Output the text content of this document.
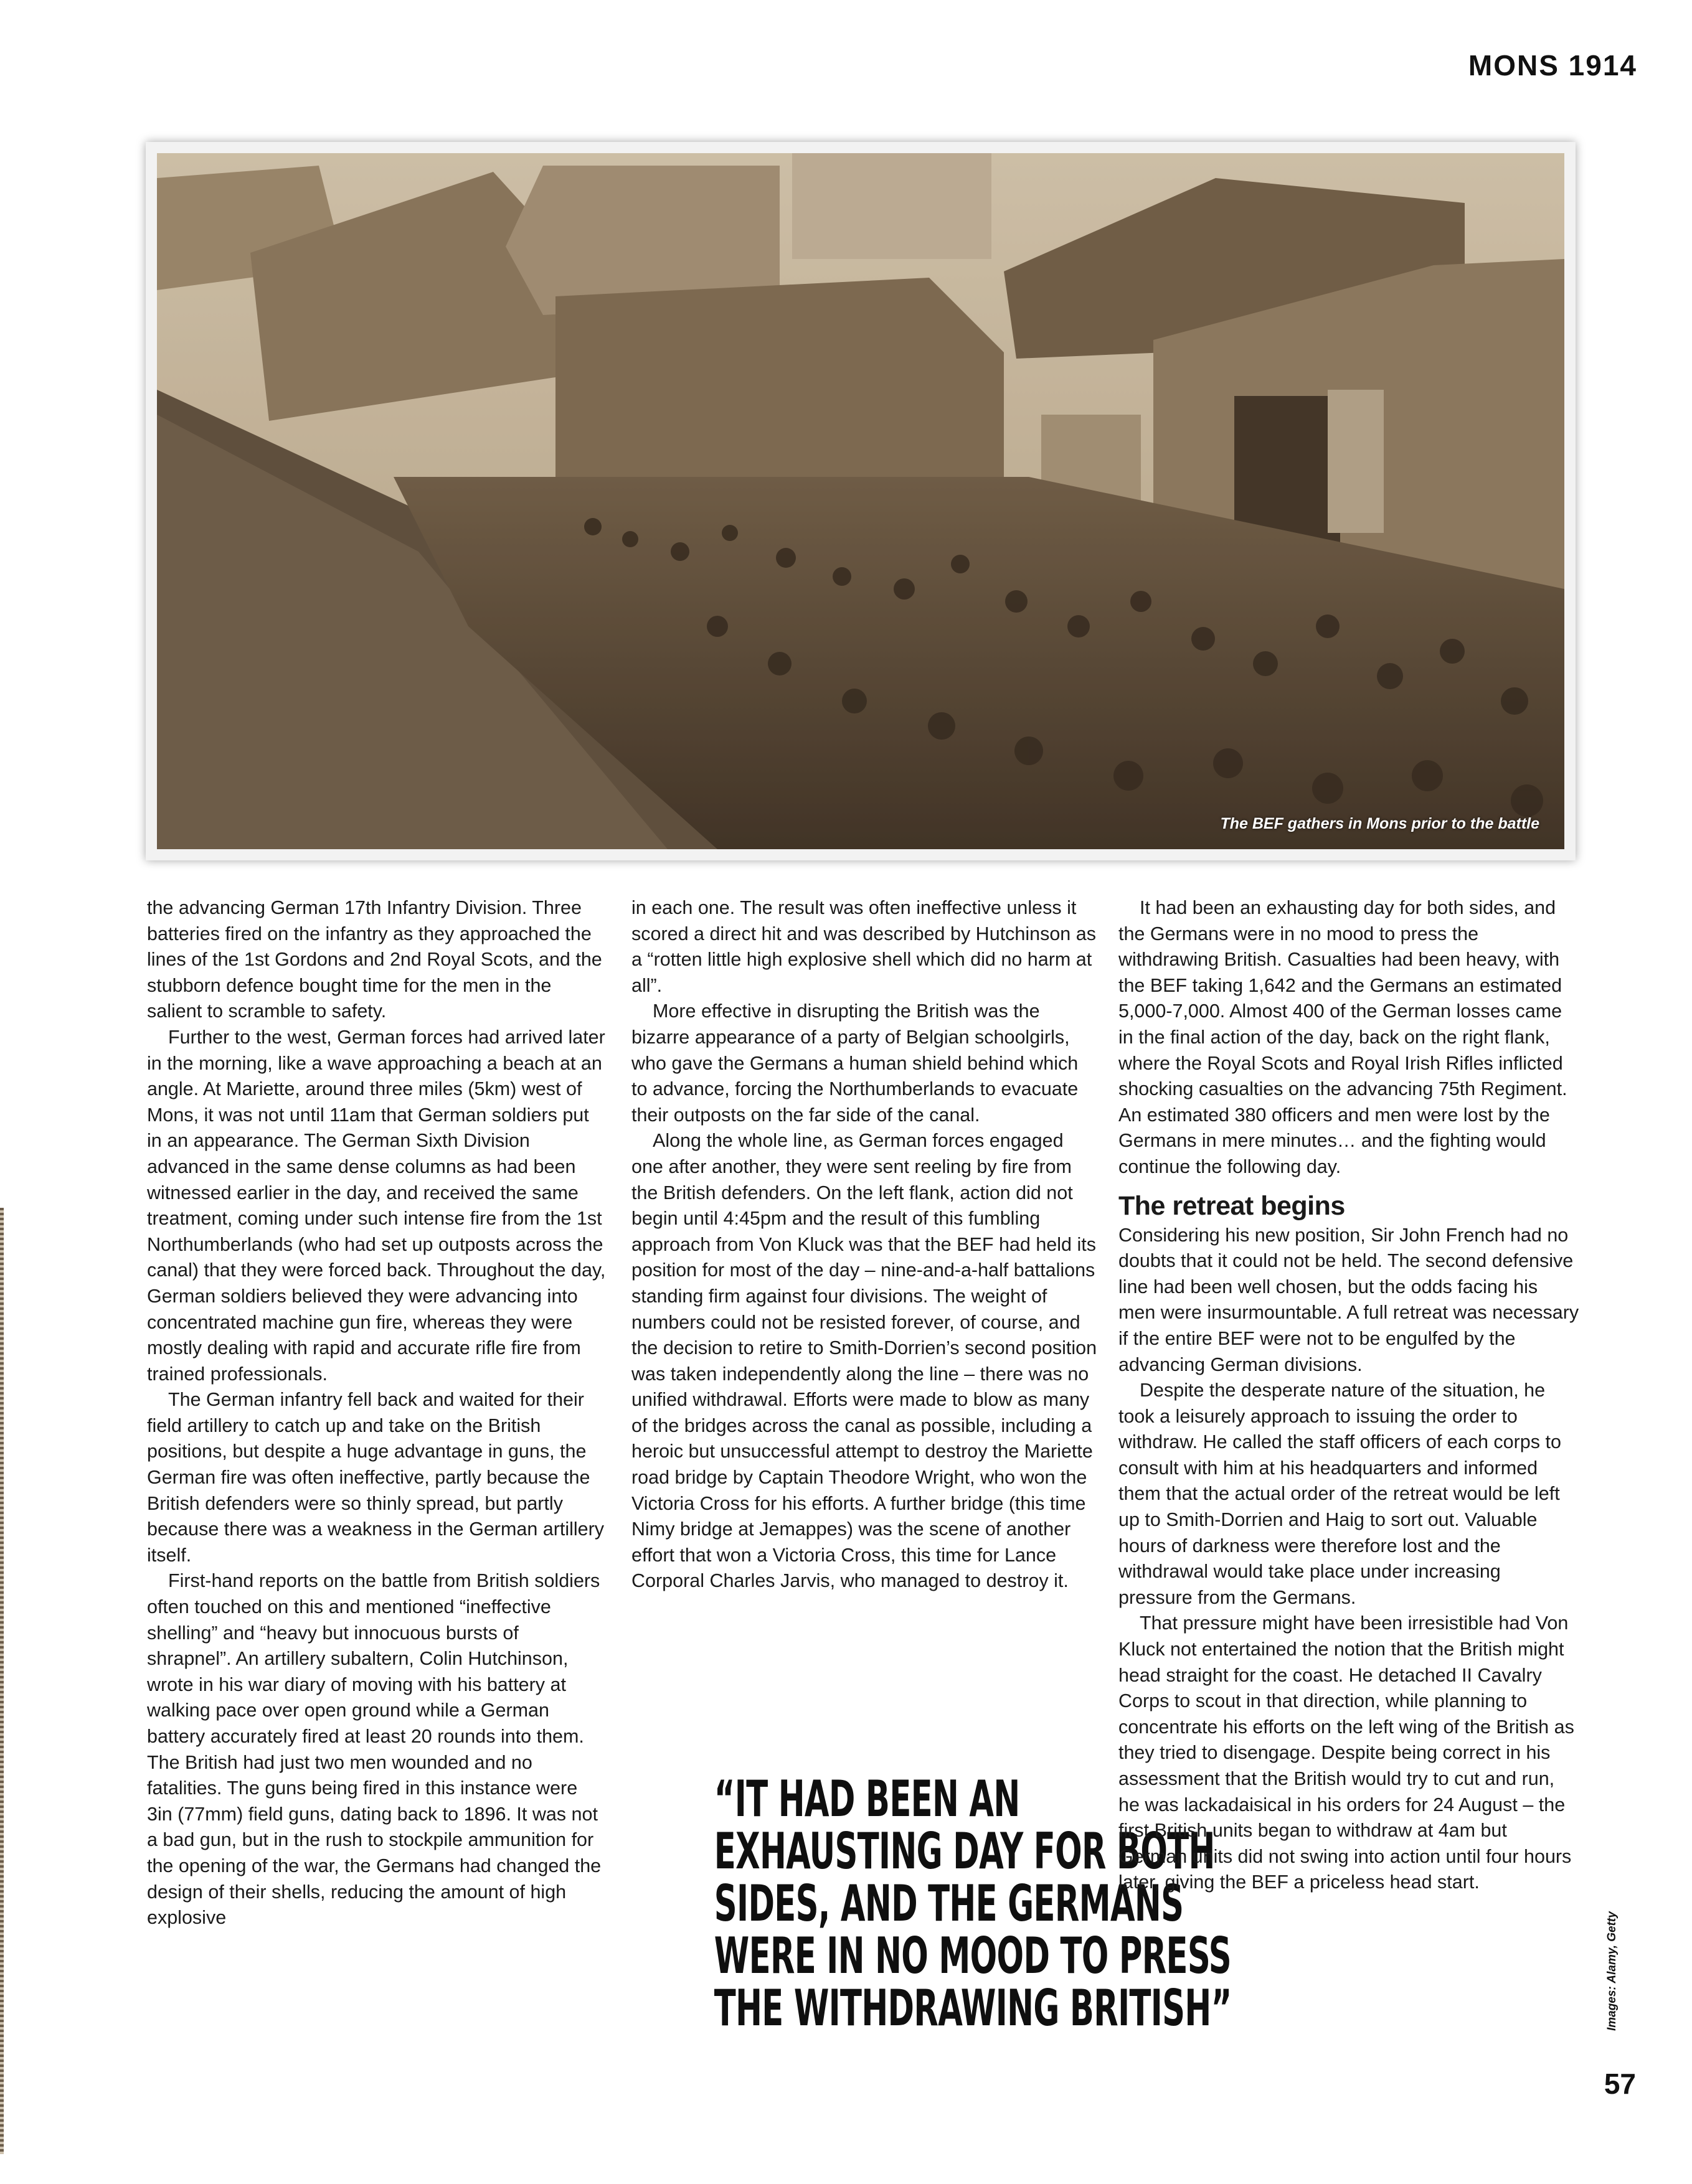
MONS 1914
The BEF gathers in Mons prior to the battle

the advancing German 17th Infantry Division. Three batteries fired on the infantry as they approached the lines of the 1st Gordons and 2nd Royal Scots, and the stubborn defence bought time for the men in the salient to scramble to safety.

Further to the west, German forces had arrived later in the morning, like a wave approaching a beach at an angle. At Mariette, around three miles (5km) west of Mons, it was not until 11am that German soldiers put in an appearance. The German Sixth Division advanced in the same dense columns as had been witnessed earlier in the day, and received the same treatment, coming under such intense fire from the 1st Northumberlands (who had set up outposts across the canal) that they were forced back. Throughout the day, German soldiers believed they were advancing into concentrated machine gun fire, whereas they were mostly dealing with rapid and accurate rifle fire from trained professionals.

The German infantry fell back and waited for their field artillery to catch up and take on the British positions, but despite a huge advantage in guns, the German fire was often ineffective, partly because the British defenders were so thinly spread, but partly because there was a weakness in the German artillery itself.

First-hand reports on the battle from British soldiers often touched on this and mentioned “ineffective shelling” and “heavy but innocuous bursts of shrapnel”. An artillery subaltern, Colin Hutchinson, wrote in his war diary of moving with his battery at walking pace over open ground while a German battery accurately fired at least 20 rounds into them. The British had just two men wounded and no fatalities. The guns being fired in this instance were 3in (77mm) field guns, dating back to 1896. It was not a bad gun, but in the rush to stockpile ammunition for the opening of the war, the Germans had changed the design of their shells, reducing the amount of high explosive

in each one. The result was often ineffective unless it scored a direct hit and was described by Hutchinson as a “rotten little high explosive shell which did no harm at all”.

More effective in disrupting the British was the bizarre appearance of a party of Belgian schoolgirls, who gave the Germans a human shield behind which to advance, forcing the Northumberlands to evacuate their outposts on the far side of the canal.

Along the whole line, as German forces engaged one after another, they were sent reeling by fire from the British defenders. On the left flank, action did not begin until 4:45pm and the result of this fumbling approach from Von Kluck was that the BEF had held its position for most of the day – nine-and-a-half battalions standing firm against four divisions. The weight of numbers could not be resisted forever, of course, and the decision to retire to Smith-Dorrien’s second position was taken independently along the line – there was no unified withdrawal. Efforts were made to blow as many of the bridges across the canal as possible, including a heroic but unsuccessful attempt to destroy the Mariette road bridge by Captain Theodore Wright, who won the Victoria Cross for his efforts. A further bridge (this time Nimy bridge at Jemappes) was the scene of another effort that won a Victoria Cross, this time for Lance Corporal Charles Jarvis, who managed to destroy it.

“IT HAD BEEN AN
EXHAUSTING DAY FOR BOTH
SIDES, AND THE GERMANS
WERE IN NO MOOD TO PRESS
THE WITHDRAWING BRITISH”

It had been an exhausting day for both sides, and the Germans were in no mood to press the withdrawing British. Casualties had been heavy, with the BEF taking 1,642 and the Germans an estimated 5,000-7,000. Almost 400 of the German losses came in the final action of the day, back on the right flank, where the Royal Scots and Royal Irish Rifles inflicted shocking casualties on the advancing 75th Regiment. An estimated 380 officers and men were lost by the Germans in mere minutes… and the fighting would continue the following day.

The retreat begins

Considering his new position, Sir John French had no doubts that it could not be held. The second defensive line had been well chosen, but the odds facing his men were insurmountable. A full retreat was necessary if the entire BEF were not to be engulfed by the advancing German divisions.

Despite the desperate nature of the situation, he took a leisurely approach to issuing the order to withdraw. He called the staff officers of each corps to consult with him at his headquarters and informed them that the actual order of the retreat would be left up to Smith-Dorrien and Haig to sort out. Valuable hours of darkness were therefore lost and the withdrawal would take place under increasing pressure from the Germans.

That pressure might have been irresistible had Von Kluck not entertained the notion that the British might head straight for the coast. He detached II Cavalry Corps to scout in that direction, while planning to concentrate his efforts on the left wing of the British as they tried to disengage. Despite being correct in his assessment that the British would try to cut and run, he was lackadaisical in his orders for 24 August – the first British units began to withdraw at 4am but German units did not swing into action until four hours later, giving the BEF a priceless head start.

Images: Alamy, Getty
57
